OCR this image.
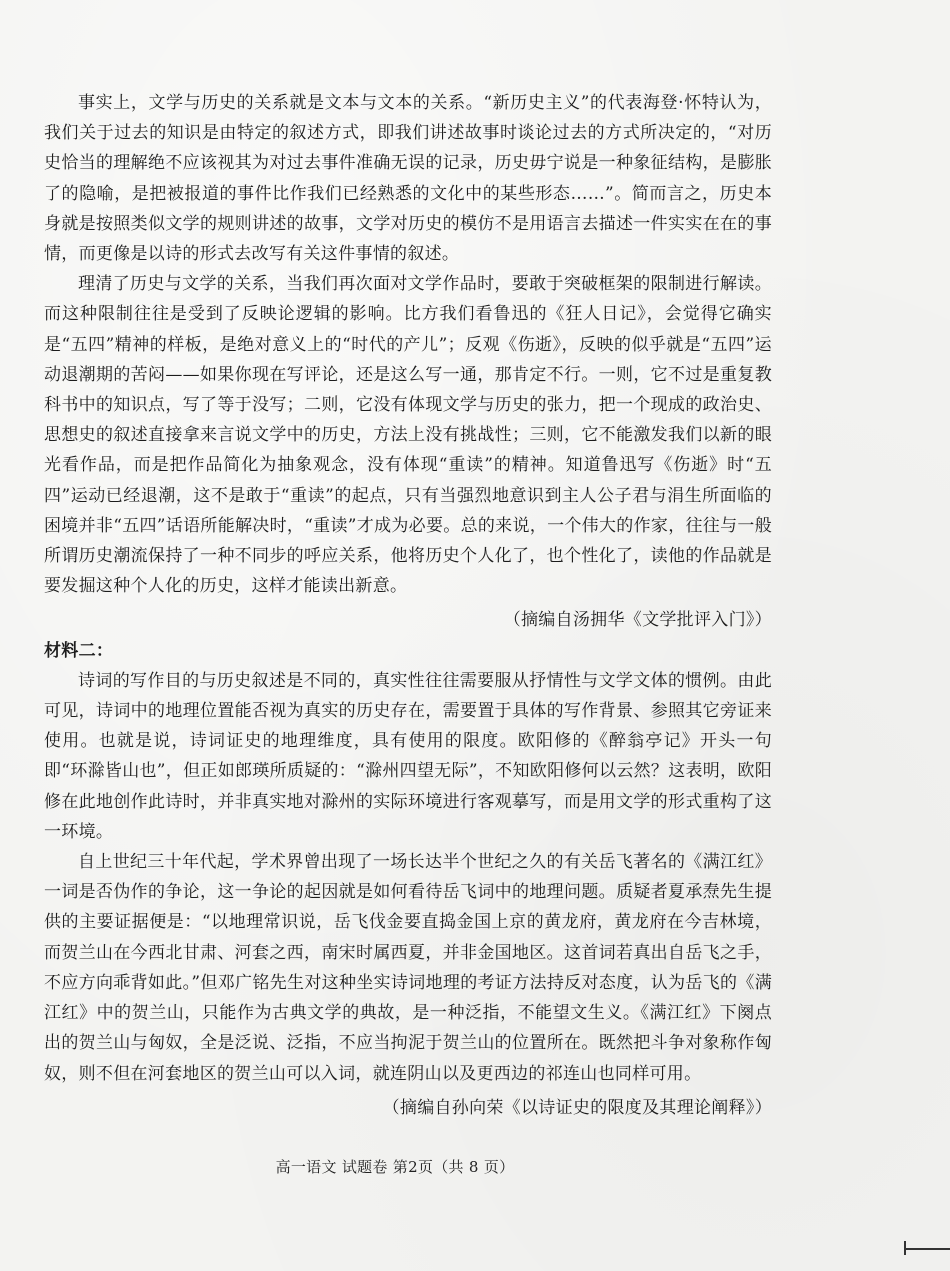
事实上，文学与历史的关系就是文本与文本的关系。“新历史主义”的代表海登·怀特认为，我们关于过去的知识是由特定的叙述方式，即我们讲述故事时谈论过去的方式所决定的，“对历史恰当的理解绝不应该视其为对过去事件准确无误的记录，历史毋宁说是一种象征结构，是膨胀了的隐喻，是把被报道的事件比作我们已经熟悉的文化中的某些形态……”。简而言之，历史本身就是按照类似文学的规则讲述的故事，文学对历史的模仿不是用语言去描述一件实实在在的事情，而更像是以诗的形式去改写有关这件事情的叙述。

理清了历史与文学的关系，当我们再次面对文学作品时，要敢于突破框架的限制进行解读。而这种限制往往是受到了反映论逻辑的影响。比方我们看鲁迅的《狂人日记》，会觉得它确实是“五四”精神的样板，是绝对意义上的“时代的产儿”；反观《伤逝》，反映的似乎就是“五四”运动退潮期的苦闷——如果你现在写评论，还是这么写一通，那肯定不行。一则，它不过是重复教科书中的知识点，写了等于没写；二则，它没有体现文学与历史的张力，把一个现成的政治史、思想史的叙述直接拿来言说文学中的历史，方法上没有挑战性；三则，它不能激发我们以新的眼光看作品，而是把作品简化为抽象观念，没有体现“重读”的精神。知道鲁迅写《伤逝》时“五四”运动已经退潮，这不是敢于“重读”的起点，只有当强烈地意识到主人公子君与涓生所面临的困境并非“五四”话语所能解决时，“重读”才成为必要。总的来说，一个伟大的作家，往往与一般所谓历史潮流保持了一种不同步的呼应关系，他将历史个人化了，也个性化了，读他的作品就是要发掘这种个人化的历史，这样才能读出新意。

（摘编自汤拥华《文学批评入门》）

材料二：

诗词的写作目的与历史叙述是不同的，真实性往往需要服从抒情性与文学文体的惯例。由此可见，诗词中的地理位置能否视为真实的历史存在，需要置于具体的写作背景、参照其它旁证来使用。也就是说，诗词证史的地理维度，具有使用的限度。欧阳修的《醉翁亭记》开头一句即“环滁皆山也”，但正如郎瑛所质疑的：“滁州四望无际”，不知欧阳修何以云然？这表明，欧阳修在此地创作此诗时，并非真实地对滁州的实际环境进行客观摹写，而是用文学的形式重构了这一环境。

自上世纪三十年代起，学术界曾出现了一场长达半个世纪之久的有关岳飞著名的《满江红》一词是否伪作的争论，这一争论的起因就是如何看待岳飞词中的地理问题。质疑者夏承焘先生提供的主要证据便是：“以地理常识说，岳飞伐金要直捣金国上京的黄龙府，黄龙府在今吉林境，而贺兰山在今西北甘肃、河套之西，南宋时属西夏，并非金国地区。这首词若真出自岳飞之手，不应方向乖背如此。”但邓广铭先生对这种坐实诗词地理的考证方法持反对态度，认为岳飞的《满江红》中的贺兰山，只能作为古典文学的典故，是一种泛指，不能望文生义。《满江红》下阕点出的贺兰山与匈奴，全是泛说、泛指，不应当拘泥于贺兰山的位置所在。既然把斗争对象称作匈奴，则不但在河套地区的贺兰山可以入词，就连阴山以及更西边的祁连山也同样可用。

（摘编自孙向荣《以诗证史的限度及其理论阐释》）

高一语文 试题卷 第2页（共 8 页）
